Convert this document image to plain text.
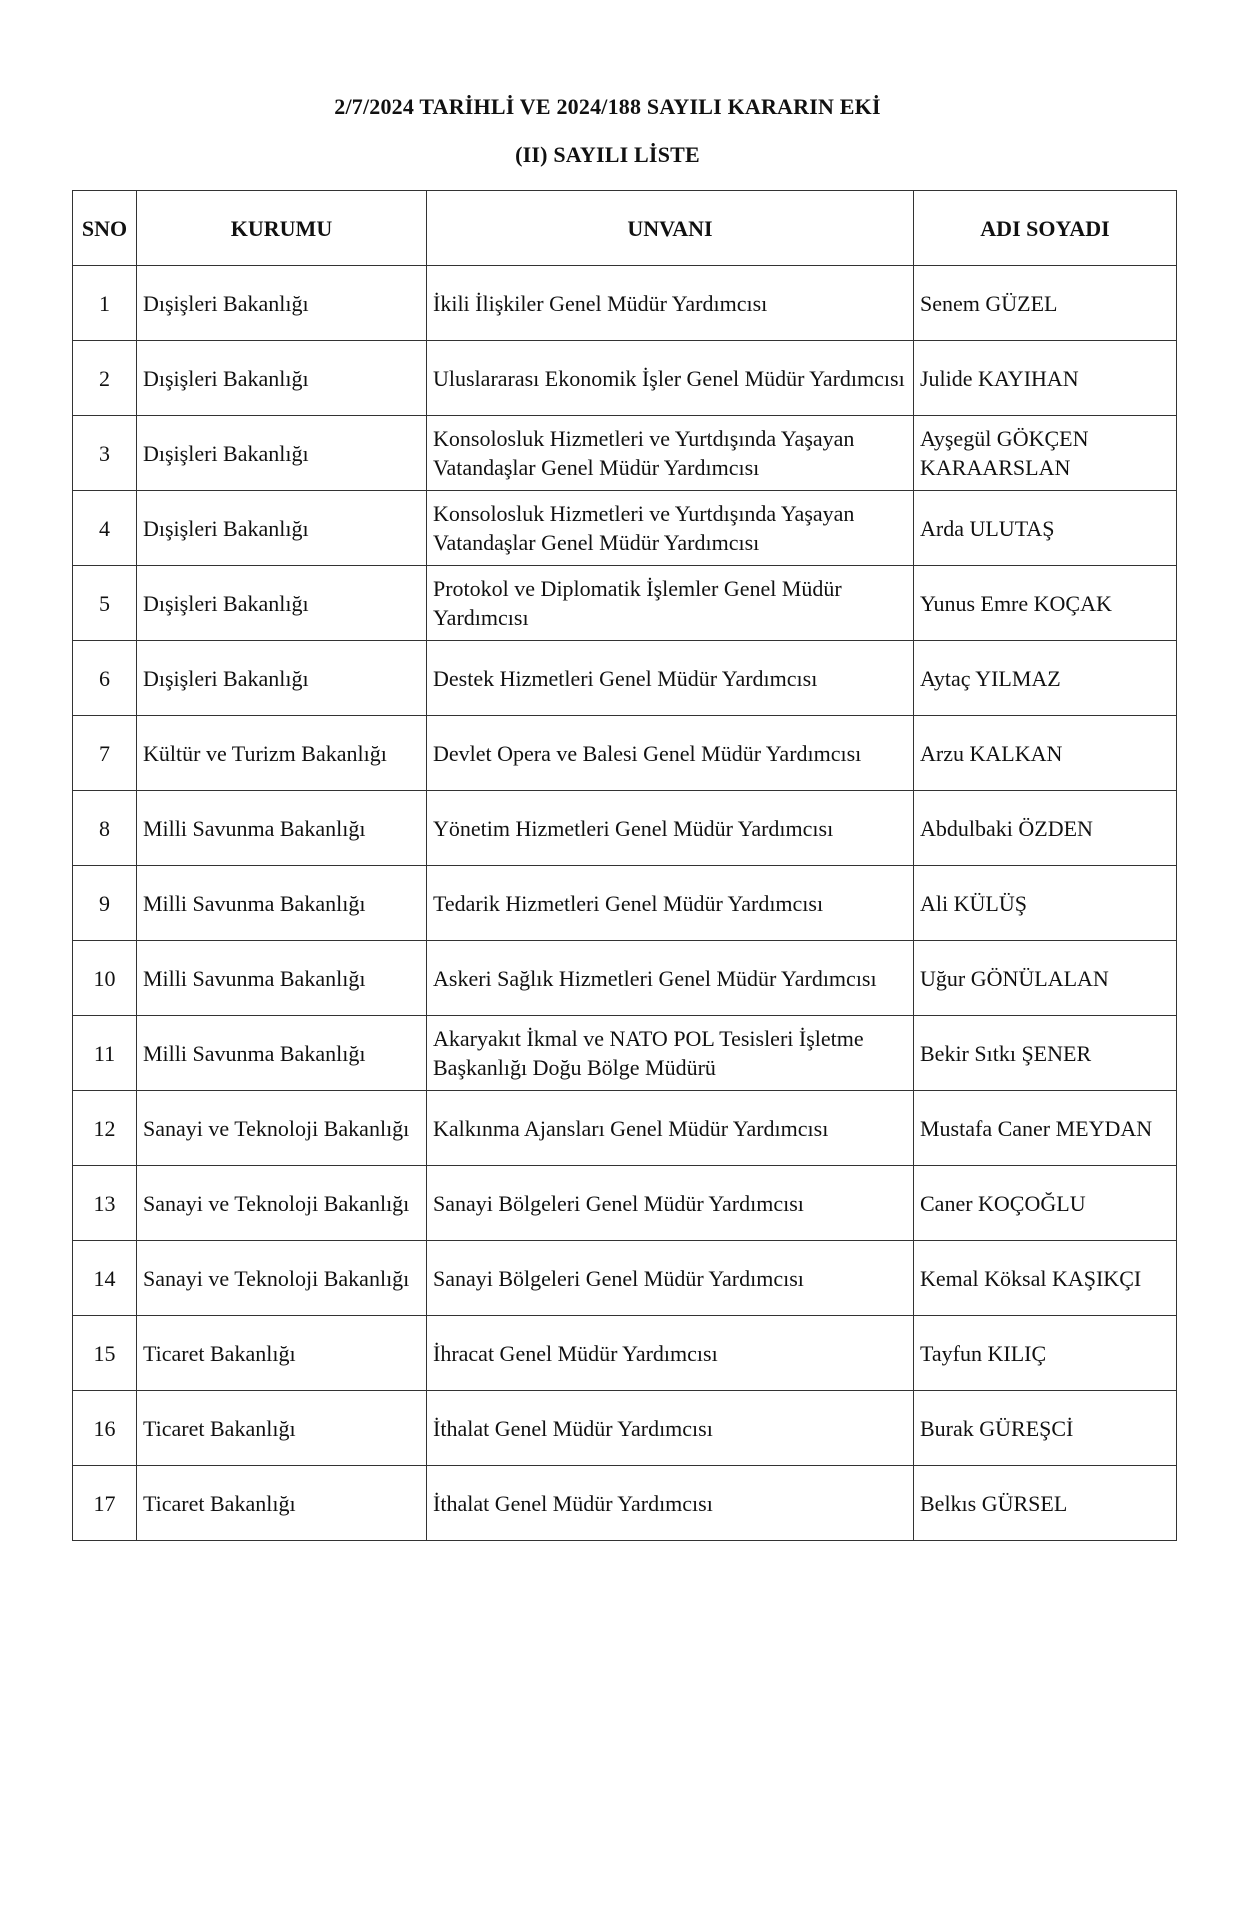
2/7/2024 TARİHLİ VE 2024/188 SAYILI KARARIN EKİ
(II) SAYILI LİSTE
SNO	KURUMU	UNVANI	ADI SOYADI
1	Dışişleri Bakanlığı	İkili İlişkiler Genel Müdür Yardımcısı	Senem GÜZEL
2	Dışişleri Bakanlığı	Uluslararası Ekonomik İşler Genel Müdür Yardımcısı	Julide KAYIHAN
3	Dışişleri Bakanlığı	Konsolosluk Hizmetleri ve Yurtdışında Yaşayan Vatandaşlar Genel Müdür Yardımcısı	Ayşegül GÖKÇEN KARAARSLAN
4	Dışişleri Bakanlığı	Konsolosluk Hizmetleri ve Yurtdışında Yaşayan Vatandaşlar Genel Müdür Yardımcısı	Arda ULUTAŞ
5	Dışişleri Bakanlığı	Protokol ve Diplomatik İşlemler Genel Müdür Yardımcısı	Yunus Emre KOÇAK
6	Dışişleri Bakanlığı	Destek Hizmetleri Genel Müdür Yardımcısı	Aytaç YILMAZ
7	Kültür ve Turizm Bakanlığı	Devlet Opera ve Balesi Genel Müdür Yardımcısı	Arzu KALKAN
8	Milli Savunma Bakanlığı	Yönetim Hizmetleri Genel Müdür Yardımcısı	Abdulbaki ÖZDEN
9	Milli Savunma Bakanlığı	Tedarik Hizmetleri Genel Müdür Yardımcısı	Ali KÜLÜŞ
10	Milli Savunma Bakanlığı	Askeri Sağlık Hizmetleri Genel Müdür Yardımcısı	Uğur GÖNÜLALAN
11	Milli Savunma Bakanlığı	Akaryakıt İkmal ve NATO POL Tesisleri İşletme Başkanlığı Doğu Bölge Müdürü	Bekir Sıtkı ŞENER
12	Sanayi ve Teknoloji Bakanlığı	Kalkınma Ajansları Genel Müdür Yardımcısı	Mustafa Caner MEYDAN
13	Sanayi ve Teknoloji Bakanlığı	Sanayi Bölgeleri Genel Müdür Yardımcısı	Caner KOÇOĞLU
14	Sanayi ve Teknoloji Bakanlığı	Sanayi Bölgeleri Genel Müdür Yardımcısı	Kemal Köksal KAŞIKÇI
15	Ticaret Bakanlığı	İhracat Genel Müdür Yardımcısı	Tayfun KILIÇ
16	Ticaret Bakanlığı	İthalat Genel Müdür Yardımcısı	Burak GÜREŞCİ
17	Ticaret Bakanlığı	İthalat Genel Müdür Yardımcısı	Belkıs GÜRSEL
